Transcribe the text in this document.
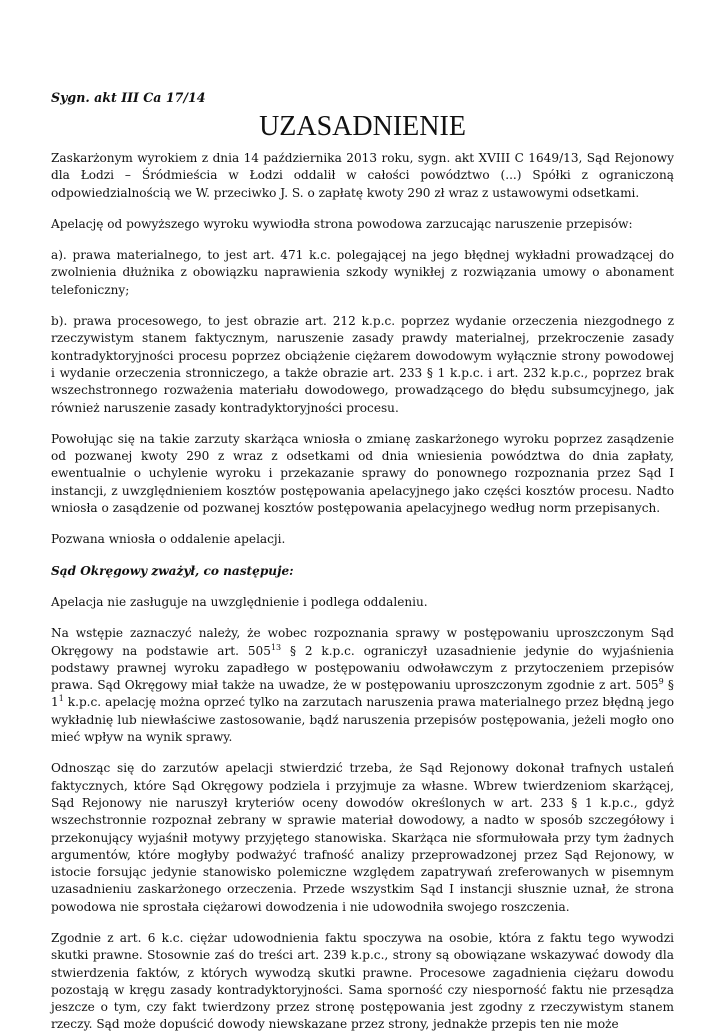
Sygn. akt III Ca 17/14
UZASADNIENIE

Zaskarżonym wyrokiem z dnia 14 października 2013 roku, sygn. akt XVIII C 1649/13, Sąd Rejonowy dla Łodzi – Śródmieścia w Łodzi oddalił w całości powództwo (...) Spółki z ograniczoną odpowiedzialnością we W. przeciwko J. S. o zapłatę kwoty 290 zł wraz z ustawowymi odsetkami.

Apelację od powyższego wyroku wywiodła strona powodowa zarzucając naruszenie przepisów:

a). prawa materialnego, to jest art. 471 k.c. polegającej na jego błędnej wykładni prowadzącej do zwolnienia dłużnika z obowiązku naprawienia szkody wynikłej z rozwiązania umowy o abonament telefoniczny;

b). prawa procesowego, to jest obrazie art. 212 k.p.c. poprzez wydanie orzeczenia niezgodnego z rzeczywistym stanem faktycznym, naruszenie zasady prawdy materialnej, przekroczenie zasady kontradyktoryjności procesu poprzez obciążenie ciężarem dowodowym wyłącznie strony powodowej i wydanie orzeczenia stronniczego, a także obrazie art. 233 § 1 k.p.c. i art. 232 k.p.c., poprzez brak wszechstronnego rozważenia materiału dowodowego, prowadzącego do błędu subsumcyjnego, jak również naruszenie zasady kontradyktoryjności procesu.

Powołując się na takie zarzuty skarżąca wniosła o zmianę zaskarżonego wyroku poprzez zasądzenie od pozwanej kwoty 290 z wraz z odsetkami od dnia wniesienia powództwa do dnia zapłaty, ewentualnie o uchylenie wyroku i przekazanie sprawy do ponownego rozpoznania przez Sąd I instancji, z uwzględnieniem kosztów postępowania apelacyjnego jako części kosztów procesu. Nadto wniosła o zasądzenie od pozwanej kosztów postępowania apelacyjnego według norm przepisanych.

Pozwana wniosła o oddalenie apelacji.

Sąd Okręgowy zważył, co następuje:

Apelacja nie zasługuje na uwzględnienie i podlega oddaleniu.

Na wstępie zaznaczyć należy, że wobec rozpoznania sprawy w postępowaniu uproszczonym Sąd Okręgowy na podstawie art. $505^{13}$ § 2 k.p.c. ograniczył uzasadnienie jedynie do wyjaśnienia podstawy prawnej wyroku zapadłego w postępowaniu odwoławczym z przytoczeniem przepisów prawa. Sąd Okręgowy miał także na uwadze, że w postępowaniu uproszczonym zgodnie z art. $505^9$ § $1^1$ k.p.c. apelację można oprzeć tylko na zarzutach naruszenia prawa materialnego przez błędną jego wykładnię lub niewłaściwe zastosowanie, bądź naruszenia przepisów postępowania, jeżeli mogło ono mieć wpływ na wynik sprawy.

Odnosząc się do zarzutów apelacji stwierdzić trzeba, że Sąd Rejonowy dokonał trafnych ustaleń faktycznych, które Sąd Okręgowy podziela i przyjmuje za własne. Wbrew twierdzeniom skarżącej, Sąd Rejonowy nie naruszył kryteriów oceny dowodów określonych w art. 233 § 1 k.p.c., gdyż wszechstronnie rozpoznał zebrany w sprawie materiał dowodowy, a nadto w sposób szczegółowy i przekonujący wyjaśnił motywy przyjętego stanowiska. Skarżąca nie sformułowała przy tym żadnych argumentów, które mogłyby podważyć trafność analizy przeprowadzonej przez Sąd Rejonowy, w istocie forsując jedynie stanowisko polemiczne względem zapatrywań zreferowanych w pisemnym uzasadnieniu zaskarżonego orzeczenia. Przede wszystkim Sąd I instancji słusznie uznał, że strona powodowa nie sprostała ciężarowi dowodzenia i nie udowodniła swojego roszczenia.

Zgodnie z art. 6 k.c. ciężar udowodnienia faktu spoczywa na osobie, która z faktu tego wywodzi skutki prawne. Stosownie zaś do treści art. 239 k.p.c., strony są obowiązane wskazywać dowody dla stwierdzenia faktów, z których wywodzą skutki prawne. Procesowe zagadnienia ciężaru dowodu pozostają w kręgu zasady kontradyktoryjności. Sama sporność czy niesporność faktu nie przesądza jeszcze o tym, czy fakt twierdzony przez stronę postępowania jest zgodny z rzeczywistym stanem rzeczy. Sąd może dopuścić dowody niewskazane przez strony, jednakże przepis ten nie może
